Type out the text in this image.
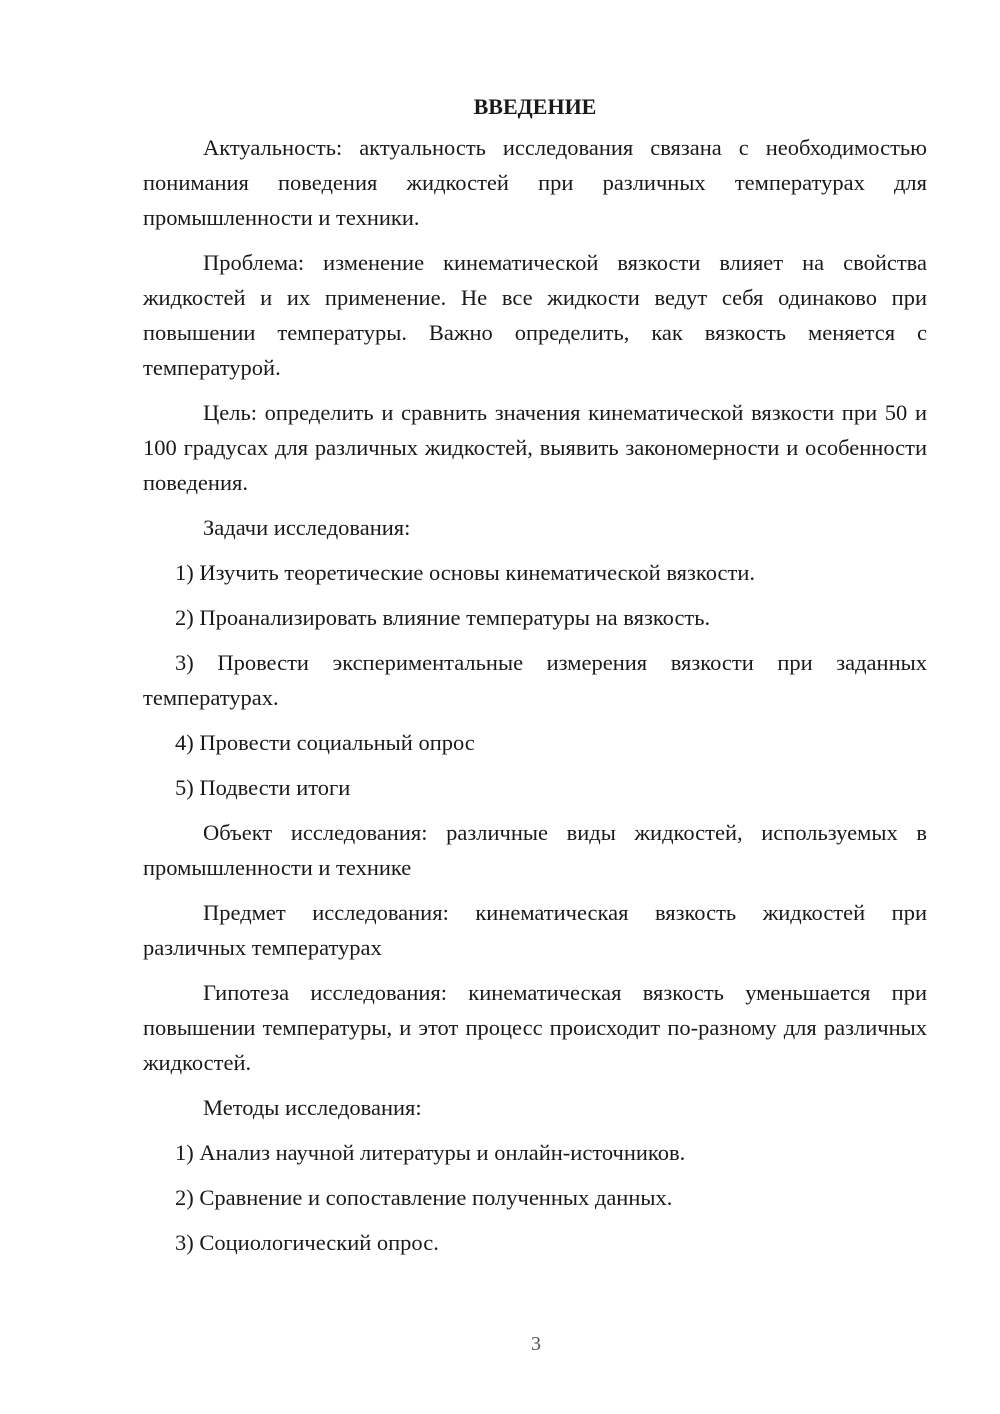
ВВЕДЕНИЕ

Актуальность: актуальность исследования связана с необходимостью понимания поведения жидкостей при различных температурах для промышленности и техники.

Проблема: изменение кинематической вязкости влияет на свойства жидкостей и их применение. Не все жидкости ведут себя одинаково при повышении температуры. Важно определить, как вязкость меняется с температурой.

Цель: определить и сравнить значения кинематической вязкости при 50 и 100 градусах для различных жидкостей, выявить закономерности и особенности поведения.

Задачи исследования:

1) Изучить теоретические основы кинематической вязкости.

2) Проанализировать влияние температуры на вязкость.

3) Провести экспериментальные измерения вязкости при заданных температурах.

4) Провести социальный опрос

5) Подвести итоги

Объект исследования: различные виды жидкостей, используемых в промышленности и технике

Предмет исследования: кинематическая вязкость жидкостей при различных температурах

Гипотеза исследования: кинематическая вязкость уменьшается при повышении температуры, и этот процесс происходит по-разному для различных жидкостей.

Методы исследования:

1) Анализ научной литературы и онлайн-источников.

2) Сравнение и сопоставление полученных данных.

3) Социологический опрос.

3
